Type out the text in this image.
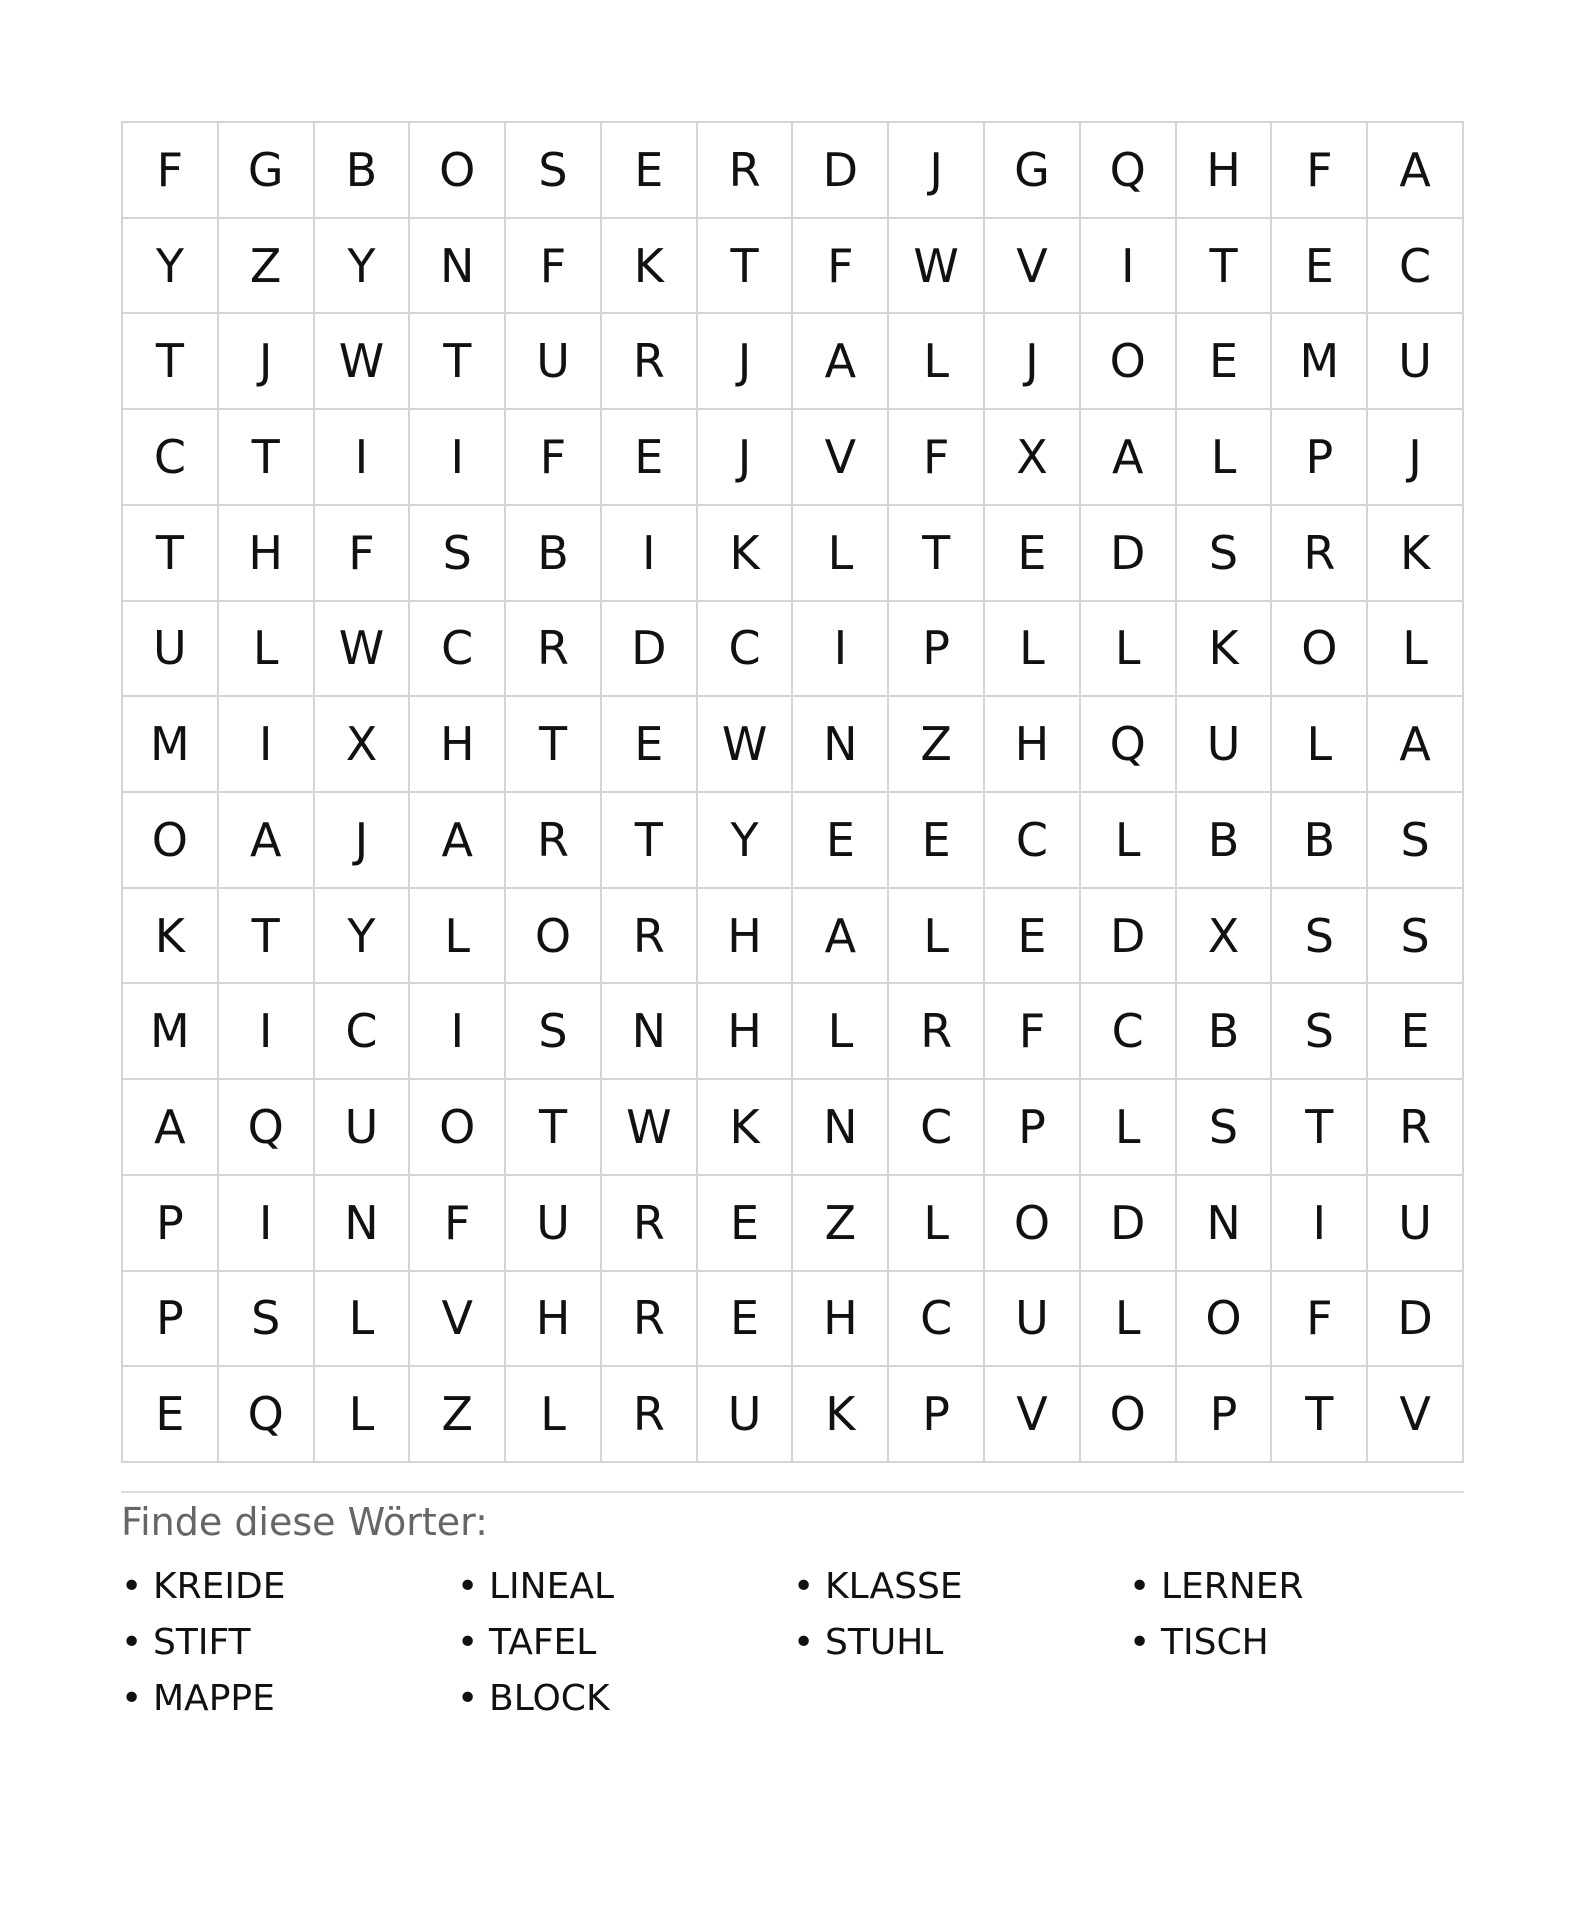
F	G	B	O	S	E	R	D	J	G	Q	H	F	A
Y	Z	Y	N	F	K	T	F	W	V	I	T	E	C
T	J	W	T	U	R	J	A	L	J	O	E	M	U
C	T	I	I	F	E	J	V	F	X	A	L	P	J
T	H	F	S	B	I	K	L	T	E	D	S	R	K
U	L	W	C	R	D	C	I	P	L	L	K	O	L
M	I	X	H	T	E	W	N	Z	H	Q	U	L	A
O	A	J	A	R	T	Y	E	E	C	L	B	B	S
K	T	Y	L	O	R	H	A	L	E	D	X	S	S
M	I	C	I	S	N	H	L	R	F	C	B	S	E
A	Q	U	O	T	W	K	N	C	P	L	S	T	R
P	I	N	F	U	R	E	Z	L	O	D	N	I	U
P	S	L	V	H	R	E	H	C	U	L	O	F	D
E	Q	L	Z	L	R	U	K	P	V	O	P	T	V
Finde diese Wörter:
• KREIDE	• LINEAL	• KLASSE	• LERNER
• STIFT	• TAFEL	• STUHL	• TISCH
• MAPPE	• BLOCK
